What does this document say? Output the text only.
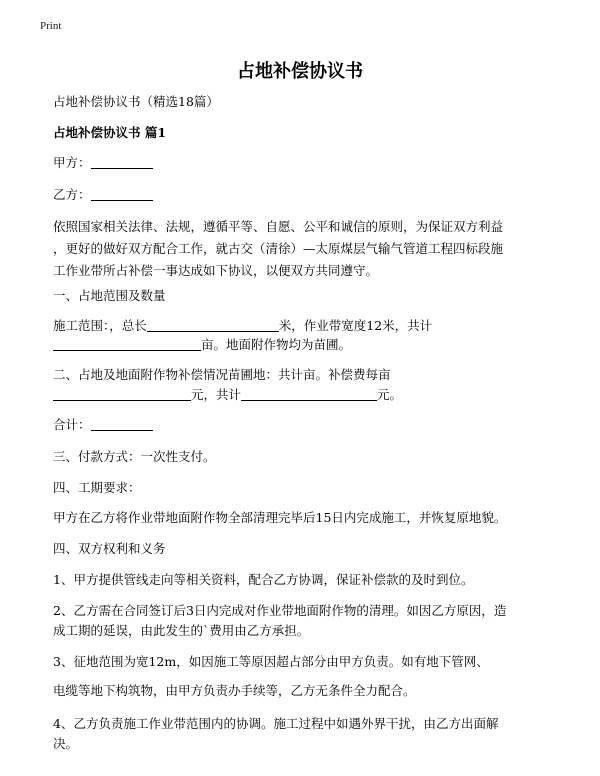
Print
占地补偿协议书
占地补偿协议书（精选18篇）
占地补偿协议书 篇1
甲方：
乙方：
依照国家相关法律、法规，遵循平等、自愿、公平和诚信的原则，为保证双方利益
，更好的做好双方配合工作，就古交（清徐）—太原煤层气输气管道工程四标段施
工作业带所占补偿一事达成如下协议，以便双方共同遵守。
一、占地范围及数量
施工范围：，总长	米，作业带宽度12米，共计
亩。地面附作物均为苗圃。
二、占地及地面附作物补偿情况苗圃地：共计亩。补偿费每亩
元，共计	元。
合计：
三、付款方式：一次性支付。
四、工期要求：
甲方在乙方将作业带地面附作物全部清理完毕后15日内完成施工，并恢复原地貌。
四、双方权利和义务
1、甲方提供管线走向等相关资料，配合乙方协调，保证补偿款的及时到位。
2、乙方需在合同签订后3日内完成对作业带地面附作物的清理。如因乙方原因，造
成工期的延误，由此发生的`费用由乙方承担。
3、征地范围为宽12m，如因施工等原因超占部分由甲方负责。如有地下管网、
电缆等地下构筑物，由甲方负责办手续等，乙方无条件全力配合。
4、乙方负责施工作业带范围内的协调。施工过程中如遇外界干扰，由乙方出面解
决。
